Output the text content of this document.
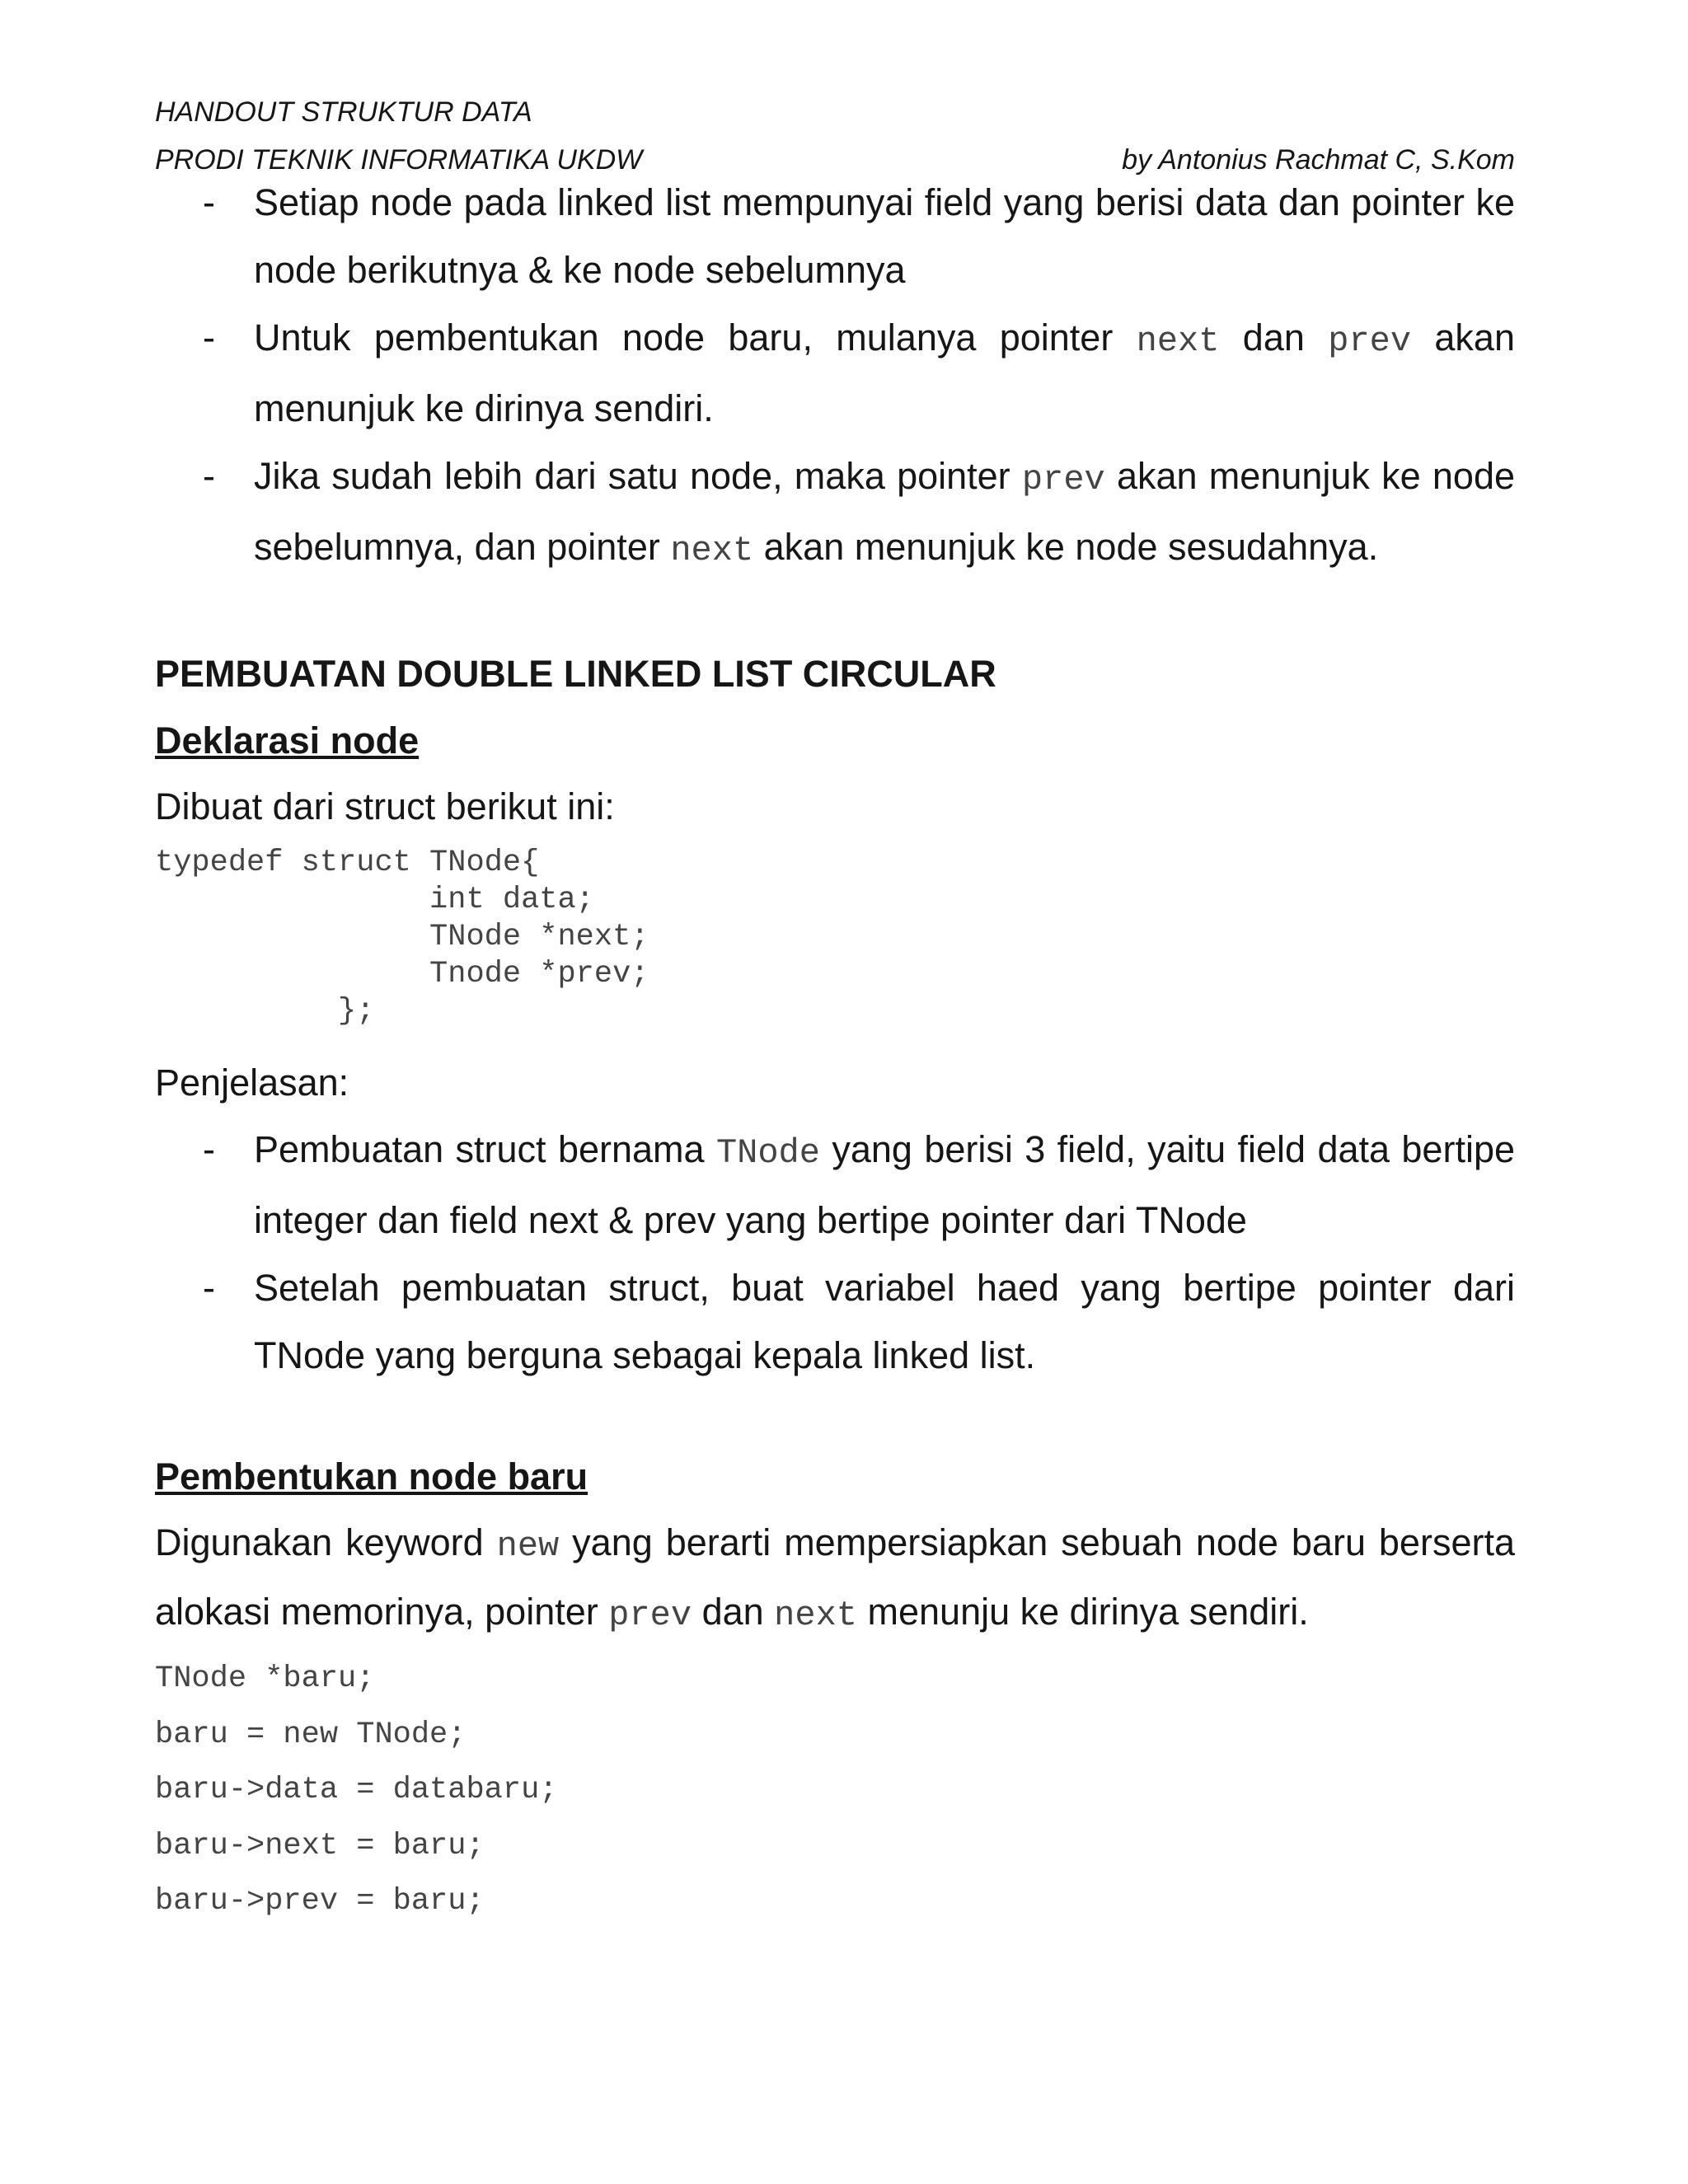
HANDOUT STRUKTUR DATA
PRODI TEKNIK INFORMATIKA UKDW	by Antonius Rachmat C, S.Kom
- Setiap node pada linked list mempunyai field yang berisi data dan pointer ke node berikutnya & ke node sebelumnya
- Untuk pembentukan node baru, mulanya pointer next dan prev akan menunjuk ke dirinya sendiri.
- Jika sudah lebih dari satu node, maka pointer prev akan menunjuk ke node sebelumnya, dan pointer next akan menunjuk ke node sesudahnya.
PEMBUATAN DOUBLE LINKED LIST CIRCULAR
Deklarasi node

Dibuat dari struct berikut ini:

typedef struct TNode{
int data;
TNode *next;
Tnode *prev;
};

Penjelasan:

- Pembuatan struct bernama TNode yang berisi 3 field, yaitu field data bertipe integer dan field next & prev yang bertipe pointer dari TNode
- Setelah pembuatan struct, buat variabel haed yang bertipe pointer dari TNode yang berguna sebagai kepala linked list.
Pembentukan node baru

Digunakan keyword new yang berarti mempersiapkan sebuah node baru berserta alokasi memorinya, pointer prev dan next menunju ke dirinya sendiri.

TNode *baru;
baru = new TNode;
baru->data = databaru;
baru->next = baru;
baru->prev = baru;
